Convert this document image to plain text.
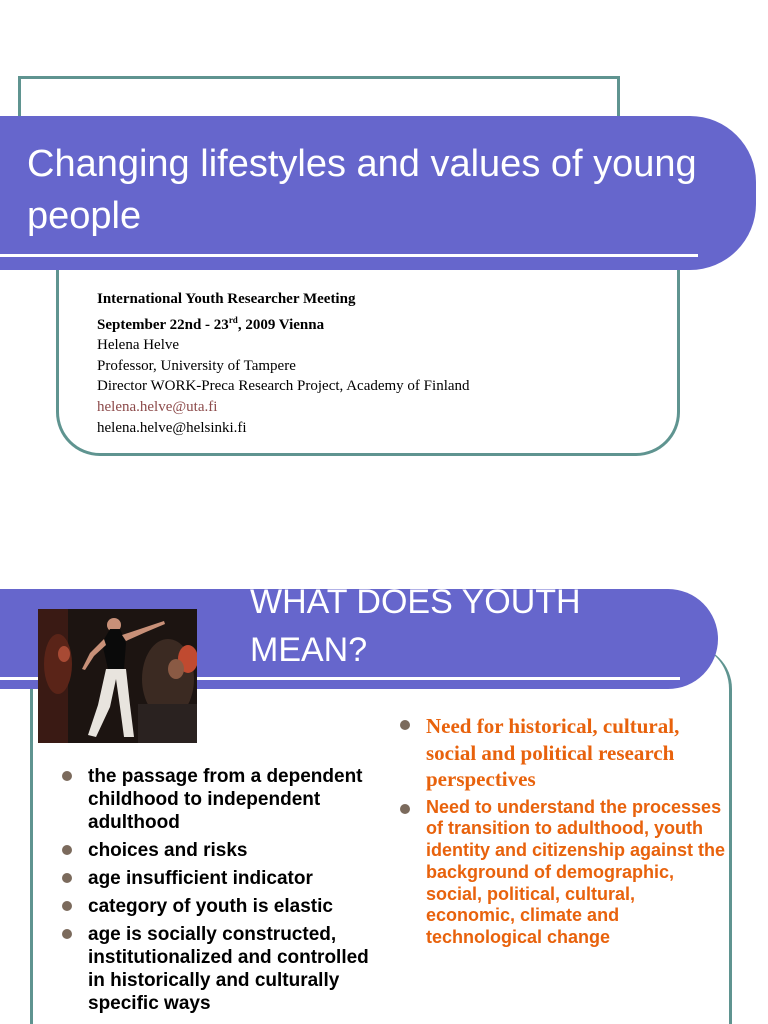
Changing lifestyles and values of young people
International Youth Researcher Meeting
September 22nd - 23rd, 2009 Vienna
Helena Helve
Professor, University of Tampere
Director WORK-Preca Research Project, Academy of Finland
helena.helve@uta.fi
helena.helve@helsinki.fi
WHAT DOES YOUTH
MEAN?
the passage from a dependent childhood to independent adulthood
choices and risks
age insufficient indicator
category of youth is elastic
age is socially constructed, institutionalized and controlled in historically and culturally specific ways
Need for historical, cultural, social and political research perspectives
Need to understand the processes of transition to adulthood, youth identity and citizenship against the background of demographic, social, political, cultural, economic, climate and technological change
